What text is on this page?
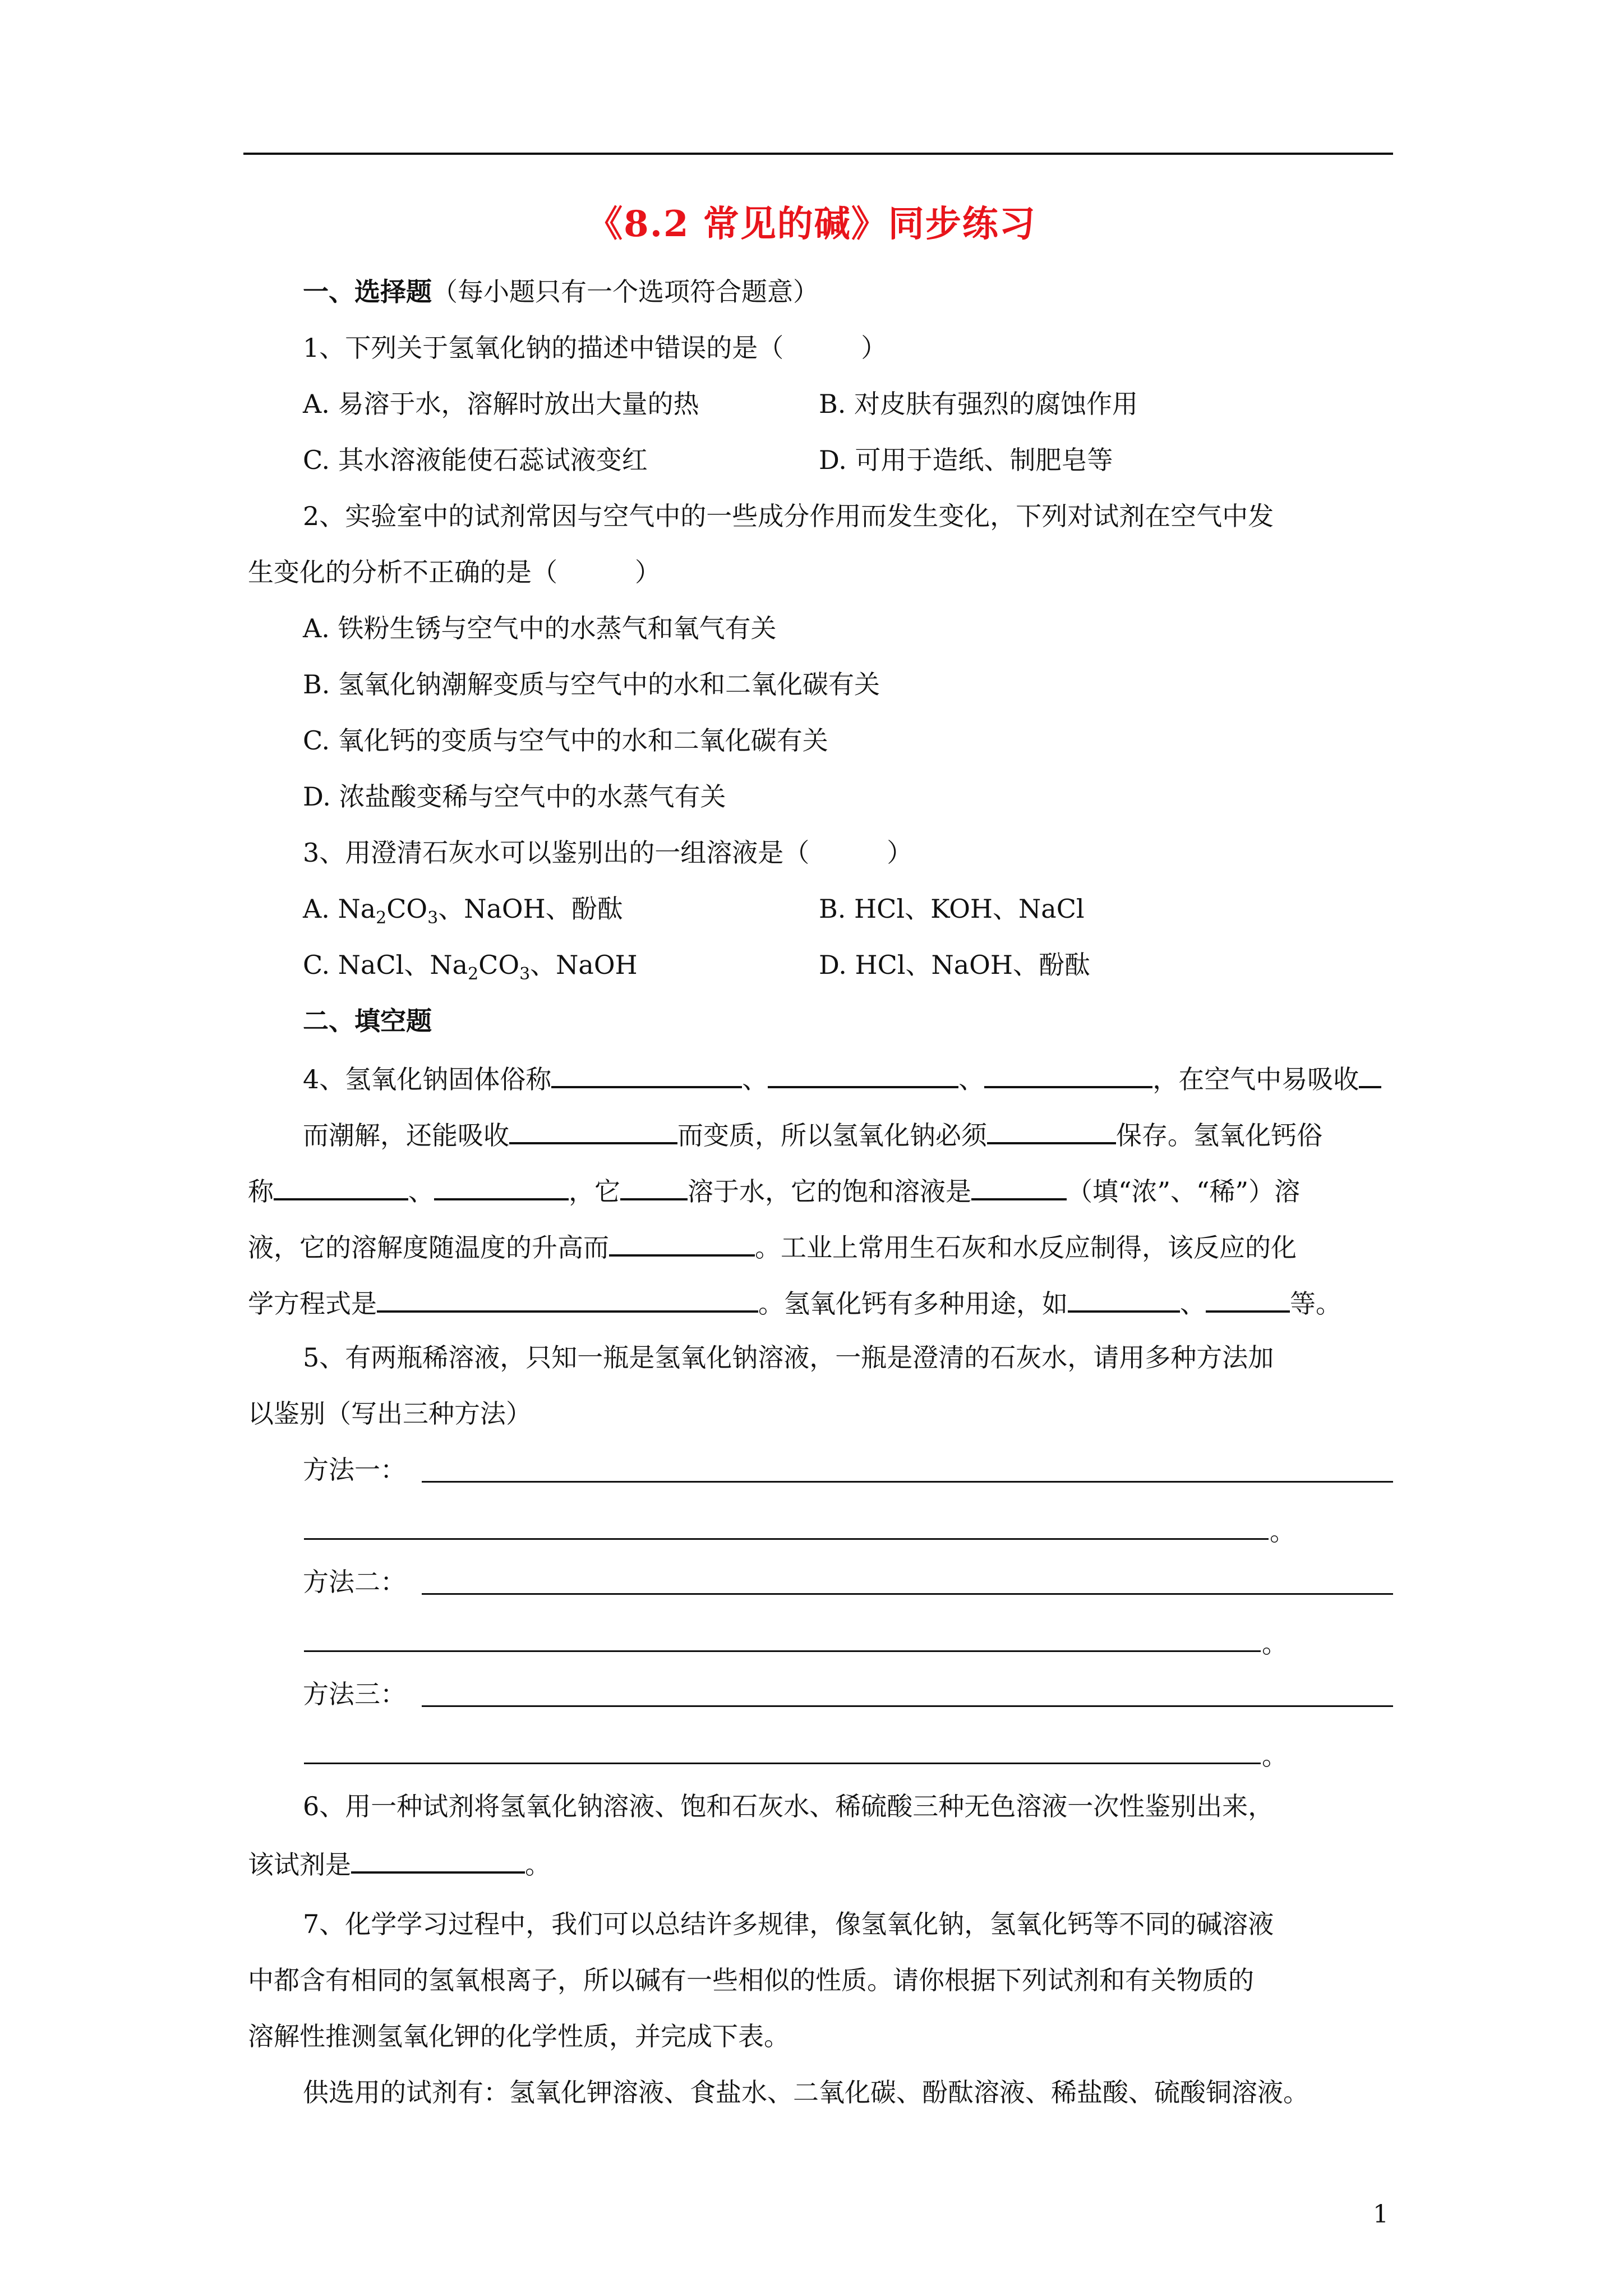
《8.2 常见的碱》同步练习
一、选择题（每小题只有一个选项符合题意）
1、下列关于氢氧化钠的描述中错误的是（　　　）
A. 易溶于水，溶解时放出大量的热	B. 对皮肤有强烈的腐蚀作用
C. 其水溶液能使石蕊试液变红	D. 可用于造纸、制肥皂等
2、实验室中的试剂常因与空气中的一些成分作用而发生变化，下列对试剂在空气中发
生变化的分析不正确的是（　　　）
A. 铁粉生锈与空气中的水蒸气和氧气有关
B. 氢氧化钠潮解变质与空气中的水和二氧化碳有关
C. 氧化钙的变质与空气中的水和二氧化碳有关
D. 浓盐酸变稀与空气中的水蒸气有关
3、用澄清石灰水可以鉴别出的一组溶液是（　　　）
A. $Na_2CO_3$、NaOH、酚酞	B. HCl、KOH、NaCl
C. NaCl、$Na_2CO_3$、NaOH	D. HCl、NaOH、酚酞
二、填空题
4、氢氧化钠固体俗称	、	、	，在空气中易吸收
而潮解，还能吸收	而变质，所以氢氧化钠必须	保存。氢氧化钙俗
称	、	，它	溶于水，它的饱和溶液是	（填“浓”、“稀”）溶
液，它的溶解度随温度的升高而	。工业上常用生石灰和水反应制得，该反应的化
学方程式是	。氢氧化钙有多种用途，如	、	等。
5、有两瓶稀溶液，只知一瓶是氢氧化钠溶液，一瓶是澄清的石灰水，请用多种方法加
以鉴别（写出三种方法）
方法一：
。
方法二：
。
方法三：
。
6、用一种试剂将氢氧化钠溶液、饱和石灰水、稀硫酸三种无色溶液一次性鉴别出来，
该试剂是	。
7、化学学习过程中，我们可以总结许多规律，像氢氧化钠，氢氧化钙等不同的碱溶液
中都含有相同的氢氧根离子，所以碱有一些相似的性质。请你根据下列试剂和有关物质的
溶解性推测氢氧化钾的化学性质，并完成下表。
供选用的试剂有：氢氧化钾溶液、食盐水、二氧化碳、酚酞溶液、稀盐酸、硫酸铜溶液。
1
